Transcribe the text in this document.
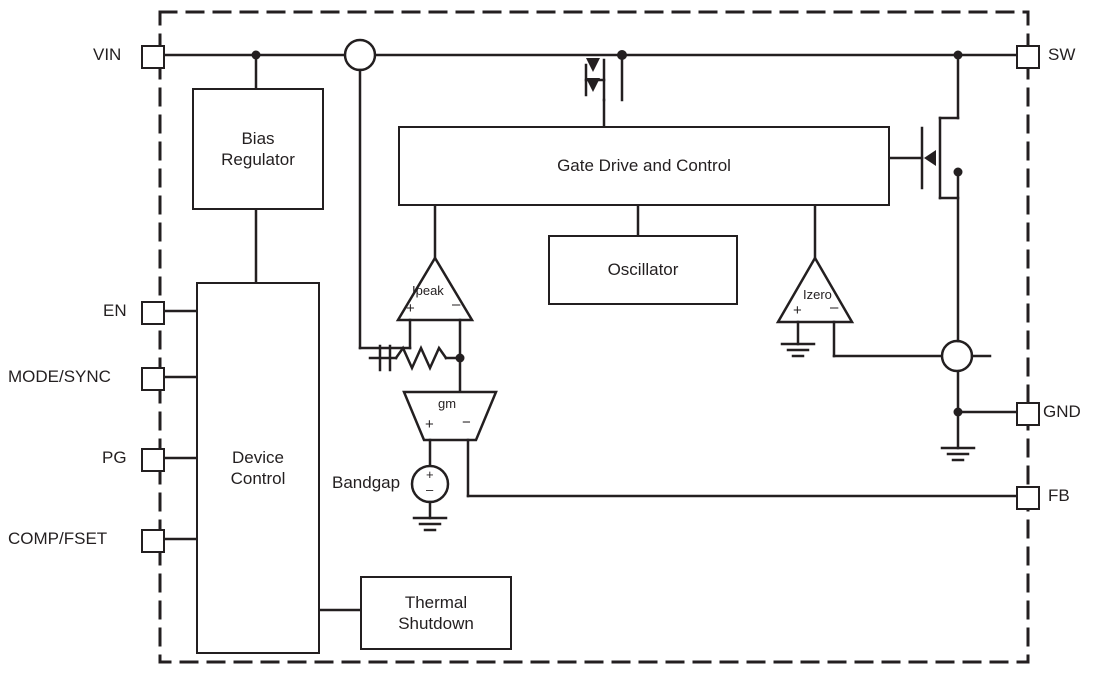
Bias
Regulator	Gate Drive and Control
Oscillator
Device
Control
Thermal
Shutdown
Ipeak
+ –
Izero
+ –
gm
+ −
Bandgap +
–
VIN
EN
MODE/SYNC
PG
COMP/FSET
SW
GND
FB
